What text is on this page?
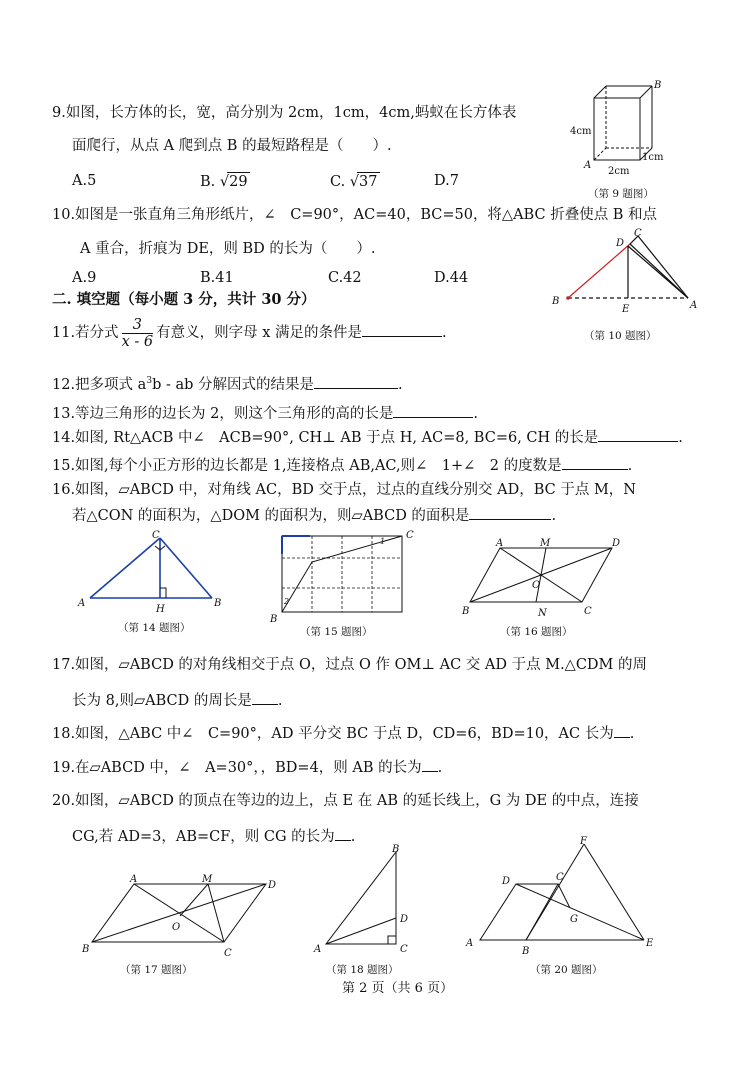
9.如图，长方体的长，宽，高分别为 2cm，1cm，4cm,蚂蚁在长方体表
面爬行，从点 A 爬到点 B 的最短路程是（　　）.
A.5	B. √29	C. √37	D.7
A
B
4cm
1cm
2cm
（第 9 题图）
10.如图是一张直角三角形纸片，∠　C=90°，AC=40，BC=50，将△ABC 折叠使点 B 和点
A 重合，折痕为 DE，则 BD 的长为（　　）.
A.9	B.41	C.42	D.44
B	A
C
D
E
（第 10 题图）
二. 填空题（每小题 3 分，共计 30 分）
11.若分式 $\frac{3}{x - 6}$ 有意义，则字母 x 满足的条件是	.
12.把多项式 $a^3b$ - ab 分解因式的结果是	.
13.等边三角形的边长为 2，则这个三角形的高的长是	.
14.如图, Rt△ACB 中∠　ACB=90°, CH⊥ AB 于点 H, AC=8, BC=6, CH 的长是	.
15.如图,每个小正方形的边长都是 1,连接格点 AB,AC,则∠　1+∠　2 的度数是	.
16.如图，▱ABCD 中，对角线 AC，BD 交于点，过点的直线分别交 AD，BC 于点 M，N
若△CON 的面积为，△DOM 的面积为，则▱ABCD 的面积是	.
A	B
C
H
（第 14 题图）
B
C
2
1
（第 15 题图）
A	M	D
O
B	N	C
（第 16 题图）
17.如图，▱ABCD 的对角线相交于点 O，过点 O 作 OM⊥ AC 交 AD 于点 M.△CDM 的周
长为 8,则▱ABCD 的周长是 .
18.如图，△ABC 中∠　C=90°，AD 平分交 BC 于点 D，CD=6，BD=10，AC 长为 .
19.在▱ABCD 中，∠　A=30°，，BD=4，则 AB 的长为 .
20.如图，▱ABCD 的顶点在等边的边上，点 E 在 AB 的延长线上，G 为 DE 的中点，连接
CG,若 AD=3，AB=CF，则 CG 的长为 .
A	M
D
O
B	C
（第 17 题图）
B
D
A	C
（第 18 题图）
F
D	C
G
A
B
E
（第 20 题图）
第 2 页（共 6 页）
